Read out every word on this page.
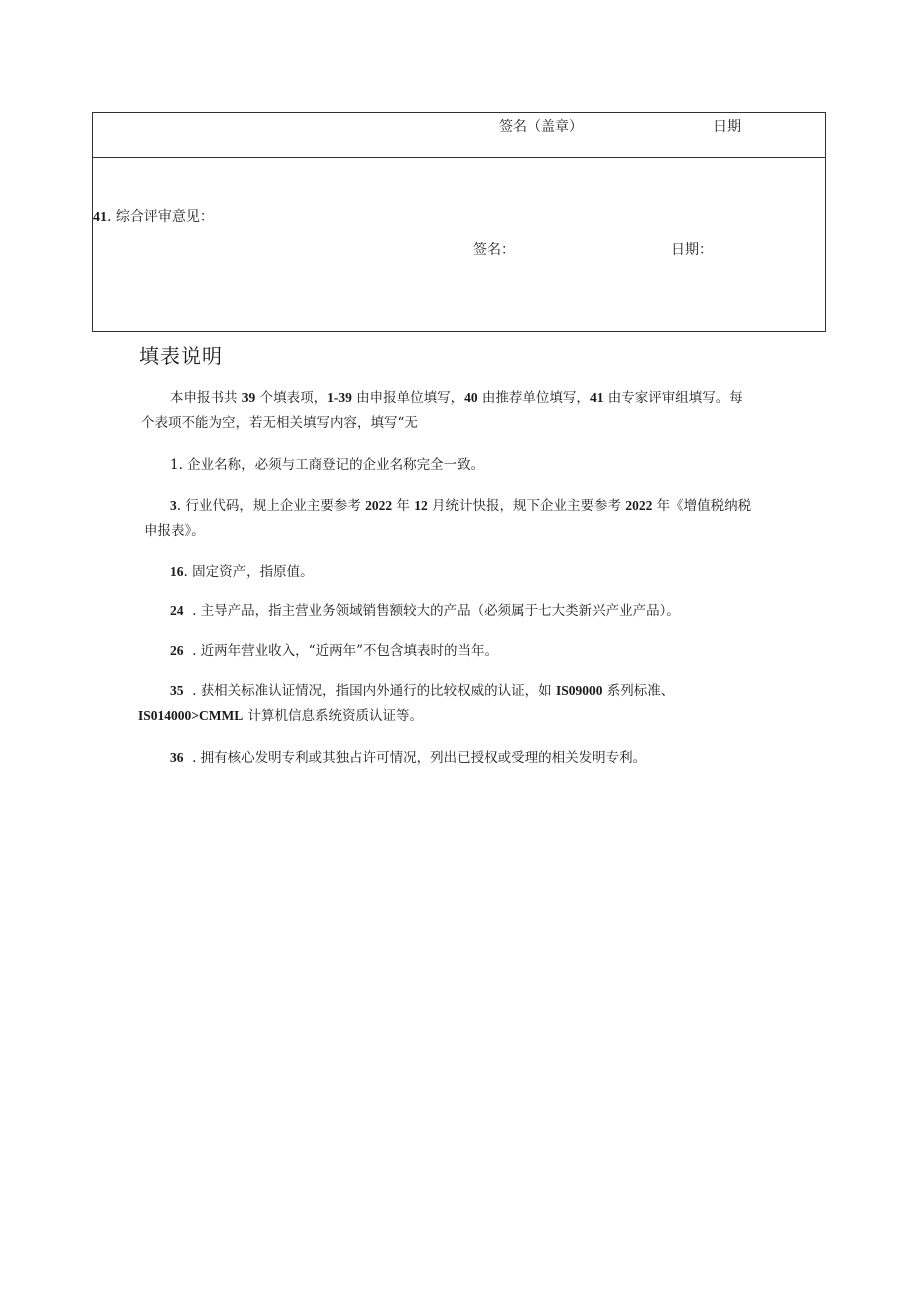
签名（盖章）	日期
41. 综合评审意见：
签名：	日期：
填表说明
本申报书共 39 个填表项，1-39 由申报单位填写，40 由推荐单位填写，41 由专家评审组填写。每
个表项不能为空，若无相关填写内容，填写“无
1. 企业名称，必须与工商登记的企业名称完全一致。
3. 行业代码，规上企业主要参考 2022 年 12 月统计快报，规下企业主要参考 2022 年《增值税纳税
申报表》。
16. 固定资产，指原值。
24  . 主导产品，指主营业务领域销售额较大的产品（必须属于七大类新兴产业产品）。
26  . 近两年营业收入，“近两年”不包含填表时的当年。
35  . 获相关标准认证情况，指国内外通行的比较权威的认证，如 IS09000 系列标准、
IS014000>CMML 计算机信息系统资质认证等。
36  . 拥有核心发明专利或其独占许可情况，列出已授权或受理的相关发明专利。
